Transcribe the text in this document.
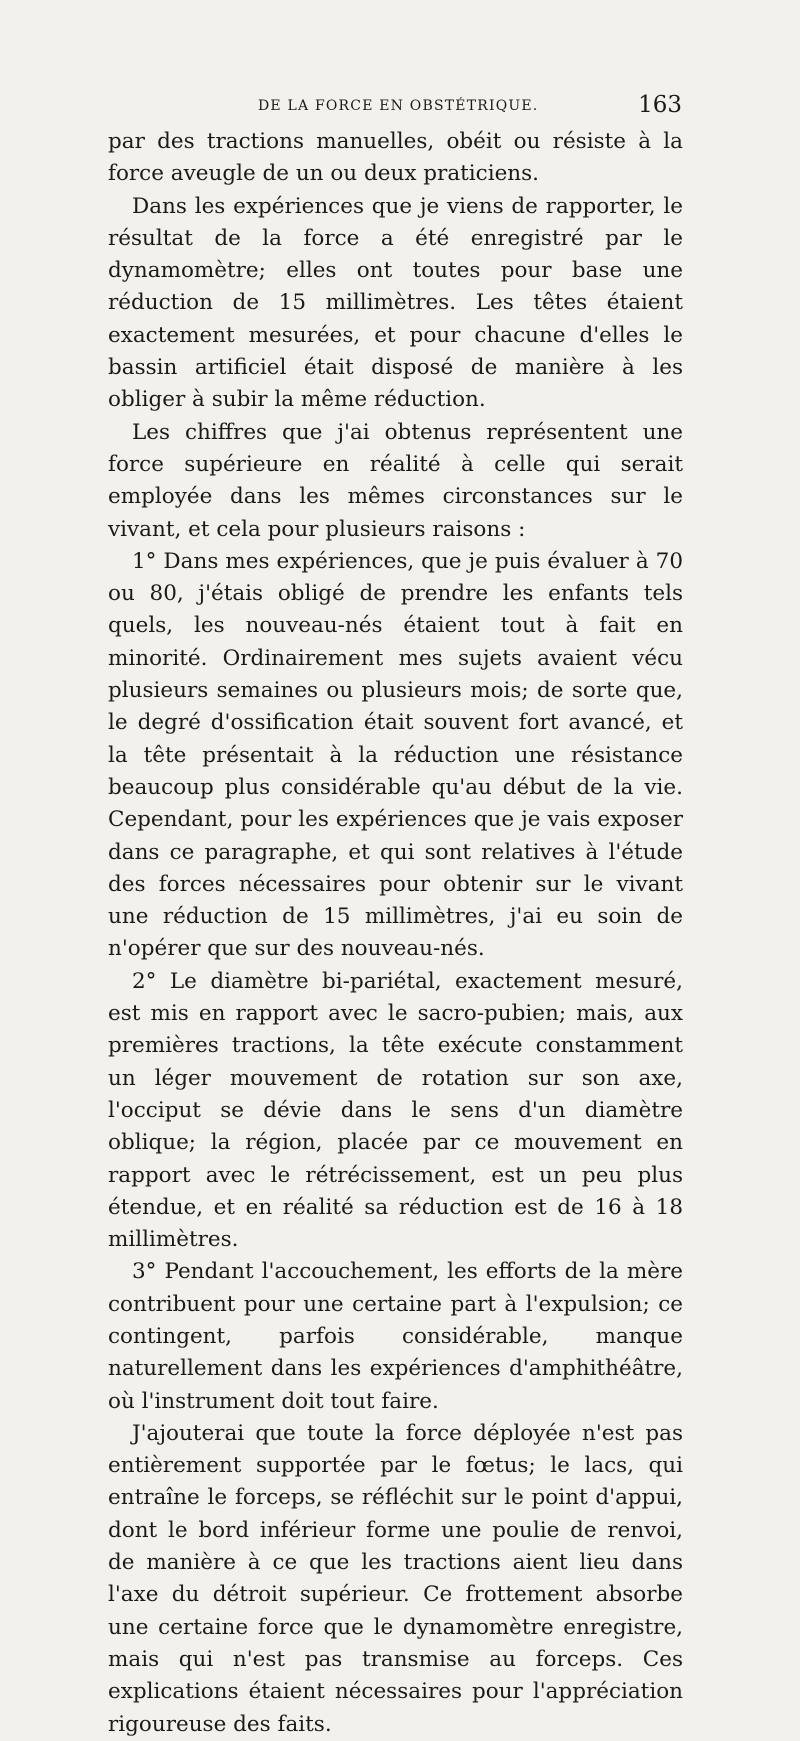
DE LA FORCE EN OBSTÉTRIQUE.	163

par des tractions manuelles, obéit ou résiste à la force aveugle de un ou deux praticiens.

Dans les expériences que je viens de rapporter, le résultat de la force a été enregistré par le dynamomètre; elles ont toutes pour base une réduction de 15 millimètres. Les têtes étaient exactement mesurées, et pour chacune d'elles le bassin artificiel était disposé de manière à les obliger à subir la même réduction.

Les chiffres que j'ai obtenus représentent une force supérieure en réalité à celle qui serait employée dans les mêmes circonstances sur le vivant, et cela pour plusieurs raisons :

1° Dans mes expériences, que je puis évaluer à 70 ou 80, j'étais obligé de prendre les enfants tels quels, les nouveau-nés étaient tout à fait en minorité. Ordinairement mes sujets avaient vécu plusieurs semaines ou plusieurs mois; de sorte que, le degré d'ossification était souvent fort avancé, et la tête présentait à la réduction une résistance beaucoup plus considérable qu'au début de la vie. Cependant, pour les expériences que je vais exposer dans ce paragraphe, et qui sont relatives à l'étude des forces nécessaires pour obtenir sur le vivant une réduction de 15 millimètres, j'ai eu soin de n'opérer que sur des nouveau-nés.

2° Le diamètre bi-pariétal, exactement mesuré, est mis en rapport avec le sacro-pubien; mais, aux premières tractions, la tête exécute constamment un léger mouvement de rotation sur son axe, l'occiput se dévie dans le sens d'un diamètre oblique; la région, placée par ce mouvement en rapport avec le rétrécissement, est un peu plus étendue, et en réalité sa réduction est de 16 à 18 millimètres.

3° Pendant l'accouchement, les efforts de la mère contribuent pour une certaine part à l'expulsion; ce contingent, parfois considérable, manque naturellement dans les expériences d'amphithéâtre, où l'instrument doit tout faire.

J'ajouterai que toute la force déployée n'est pas entièrement supportée par le fœtus; le lacs, qui entraîne le forceps, se réfléchit sur le point d'appui, dont le bord inférieur forme une poulie de renvoi, de manière à ce que les tractions aient lieu dans l'axe du détroit supérieur. Ce frottement absorbe une certaine force que le dynamomètre enregistre, mais qui n'est pas transmise au forceps. Ces explications étaient nécessaires pour l'appréciation rigoureuse des faits.
